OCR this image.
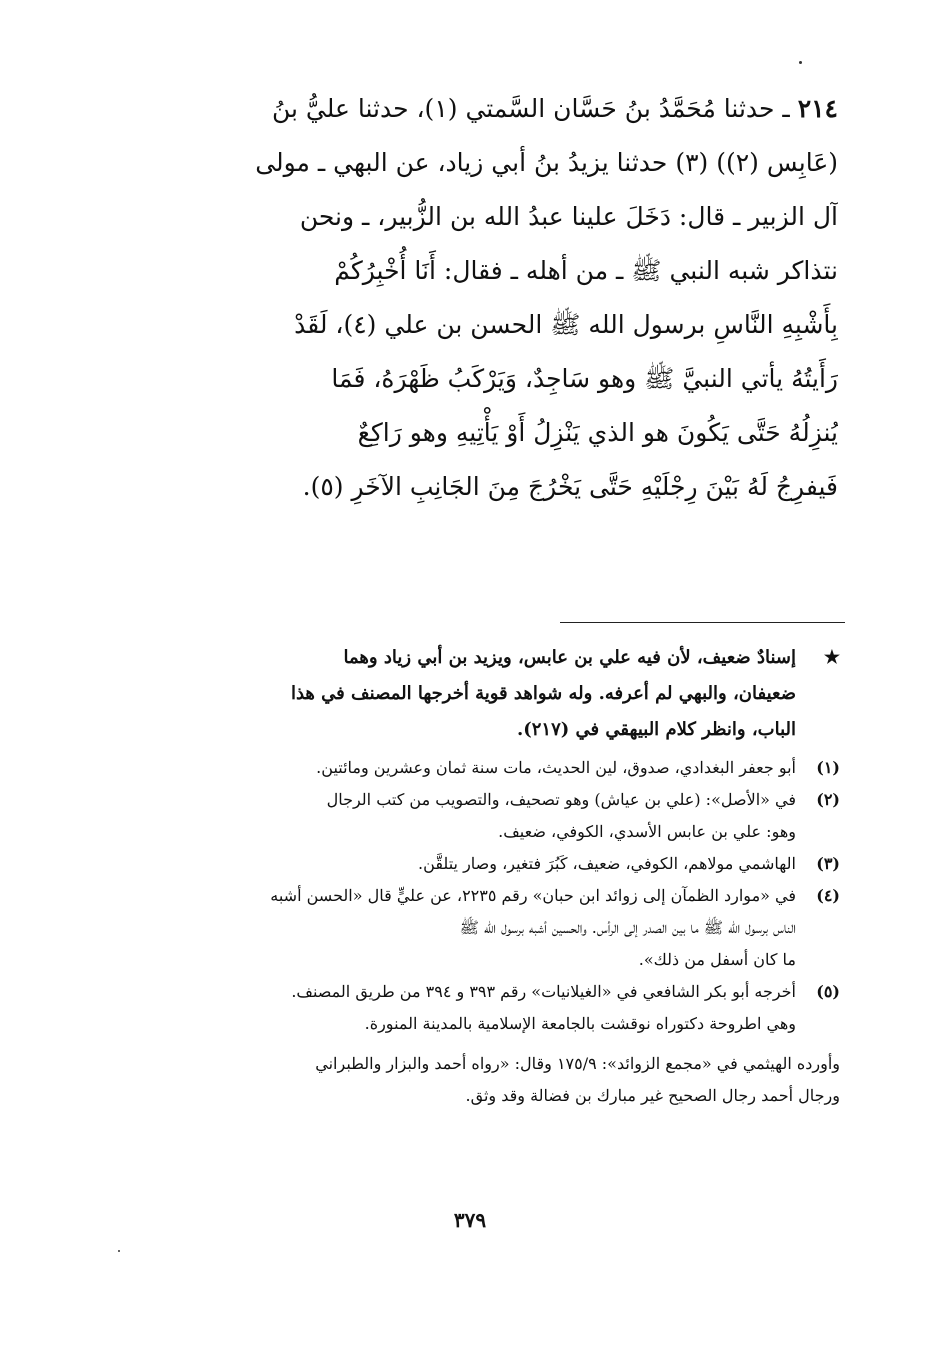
٢١٤ ـ حدثنا مُحَمَّدُ بنُ حَسَّان السَّمتي (١)، حدثنا عليُّ بنُ
(عَابِس (٢)) (٣) حدثنا يزيدُ بنُ أبي زياد، عن البهي ـ مولى
آل الزبير ـ قال: دَخَلَ علينا عبدُ الله بن الزُّبير، ـ ونحن
نتذاكر شبه النبي ﷺ ـ من أهله ـ فقال: أَنَا أُخْبِرُكُمْ
بِأَشْبِهِ النَّاسِ برسول الله ﷺ الحسن بن علي (٤)، لَقَدْ
رَأَيتُهُ يأتي النبيَّ ﷺ وهو سَاجِدٌ، وَيَرْكَبُ ظَهْرَهُ، فَمَا
يُنزِلُهُ حَتَّى يَكُونَ هو الذي يَنْزِلُ أَوْ يَأْتِيهِ وهو رَاكِعٌ
فَيفرِجُ لَهُ بَيْنَ رِجْلَيْهِ حَتَّى يَخْرُجَ مِنَ الجَانِبِ الآخَرِ (٥).
★
إسنادٌ ضعيف، لأن فيه علي بن عابس، ويزيد بن أبي زياد وهما
ضعيفان، والبهي لم أعرفه. وله شواهد قوية أخرجها المصنف في هذا
الباب، وانظر كلام البيهقي في (٢١٧).
(١)
أبو جعفر البغدادي، صدوق، لين الحديث، مات سنة ثمان وعشرين ومائتين.
(٢)
في «الأصل»: (علي بن عياش) وهو تصحيف، والتصويب من كتب الرجال
وهو: علي بن عابس الأسدي، الكوفي، ضعيف.
(٣)
الهاشمي مولاهم، الكوفي، ضعيف، كَبُرَ فتغير، وصار يتلقَّن.
(٤)
في «موارد الظمآن إلى زوائد ابن حبان» رقم ٢٢٣٥، عن عليٍّ قال «الحسن أشبه
الناس برسول الله ﷺ ما بين الصدر إلى الرأس. والحسين أشبه برسول الله ﷺ
ما كان أسفل من ذلك».
(٥)
أخرجه أبو بكر الشافعي في «الغيلانيات» رقم ٣٩٣ و ٣٩٤ من طريق المصنف.
وهي اطروحة دكتوراه نوقشت بالجامعة الإسلامية بالمدينة المنورة.
وأورده الهيثمي في «مجمع الزوائد»: ١٧٥/٩ وقال: «رواه أحمد والبزار والطبراني
ورجال أحمد رجال الصحيح غير مبارك بن فضالة وقد وثق.
٣٧٩
